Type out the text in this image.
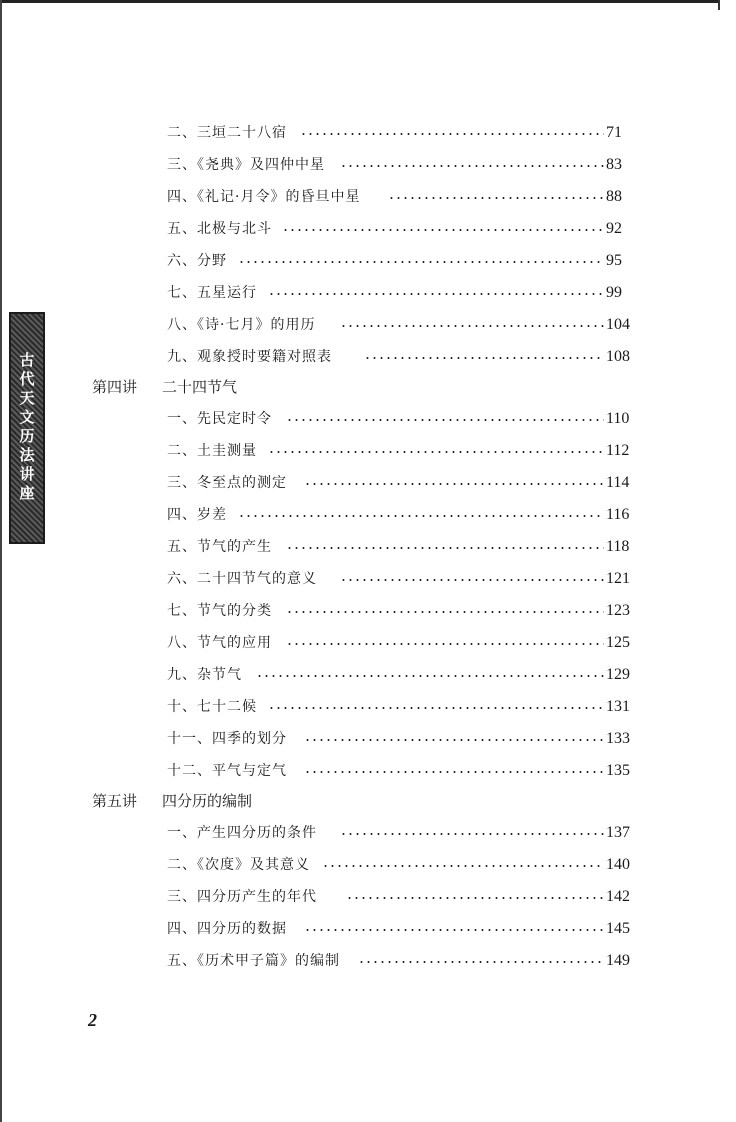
古代天文历法讲座
二、三垣二十八宿	71
三、《尧典》及四仲中星	83
四、《礼记·月令》的昏旦中星	88
五、北极与北斗	92
六、分野	95
七、五星运行	99
八、《诗·七月》的用历	104
九、观象授时要籍对照表	108
第四讲 二十四节气
一、先民定时令	110
二、土圭测量	112
三、冬至点的测定	114
四、岁差	116
五、节气的产生	118
六、二十四节气的意义	121
七、节气的分类	123
八、节气的应用	125
九、杂节气	129
十、七十二候	131
十一、四季的划分	133
十二、平气与定气	135
第五讲 四分历的编制
一、产生四分历的条件	137
二、《次度》及其意义	140
三、四分历产生的年代	142
四、四分历的数据	145
五、《历术甲子篇》的编制	149
2
